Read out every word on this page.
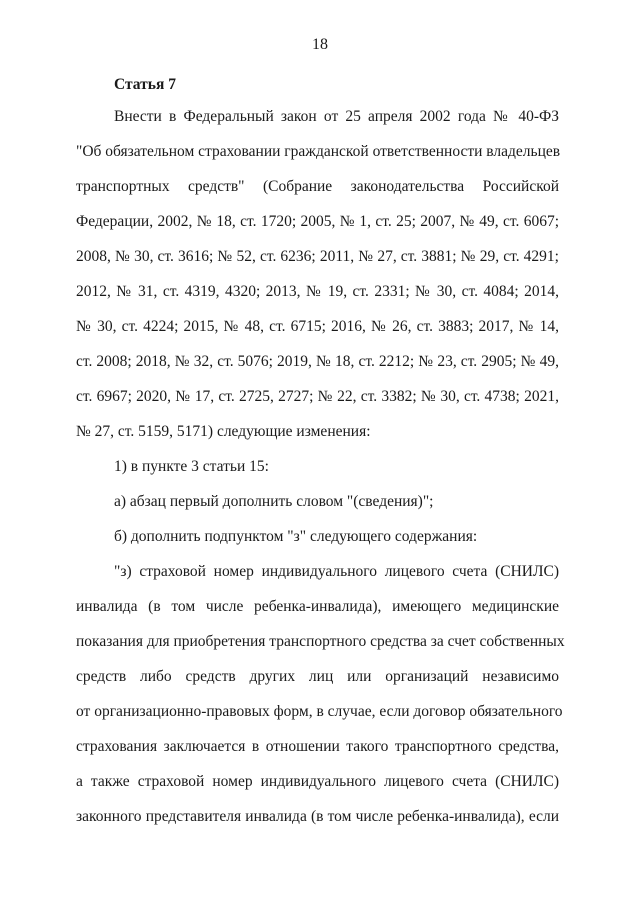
18
Статья 7
Внести в Федеральный закон от 25 апреля 2002 года № 40-ФЗ
"Об обязательном страховании гражданской ответственности владельцев
транспортных средств" (Собрание законодательства Российской
Федерации, 2002, № 18, ст. 1720; 2005, № 1, ст. 25; 2007, № 49, ст. 6067;
2008, № 30, ст. 3616; № 52, ст. 6236; 2011, № 27, ст. 3881; № 29, ст. 4291;
2012, № 31, ст. 4319, 4320; 2013, № 19, ст. 2331; № 30, ст. 4084; 2014,
№ 30, ст. 4224; 2015, № 48, ст. 6715; 2016, № 26, ст. 3883; 2017, № 14,
ст. 2008; 2018, № 32, ст. 5076; 2019, № 18, ст. 2212; № 23, ст. 2905; № 49,
ст. 6967; 2020, № 17, ст. 2725, 2727; № 22, ст. 3382; № 30, ст. 4738; 2021,
№ 27, ст. 5159, 5171) следующие изменения:
1) в пункте 3 статьи 15:
а) абзац первый дополнить словом "(сведения)";
б) дополнить подпунктом "з" следующего содержания:
"з) страховой номер индивидуального лицевого счета (СНИЛС)
инвалида (в том числе ребенка-инвалида), имеющего медицинские
показания для приобретения транспортного средства за счет собственных
средств либо средств других лиц или организаций независимо
от организационно-правовых форм, в случае, если договор обязательного
страхования заключается в отношении такого транспортного средства,
а также страховой номер индивидуального лицевого счета (СНИЛС)
законного представителя инвалида (в том числе ребенка-инвалида), если
